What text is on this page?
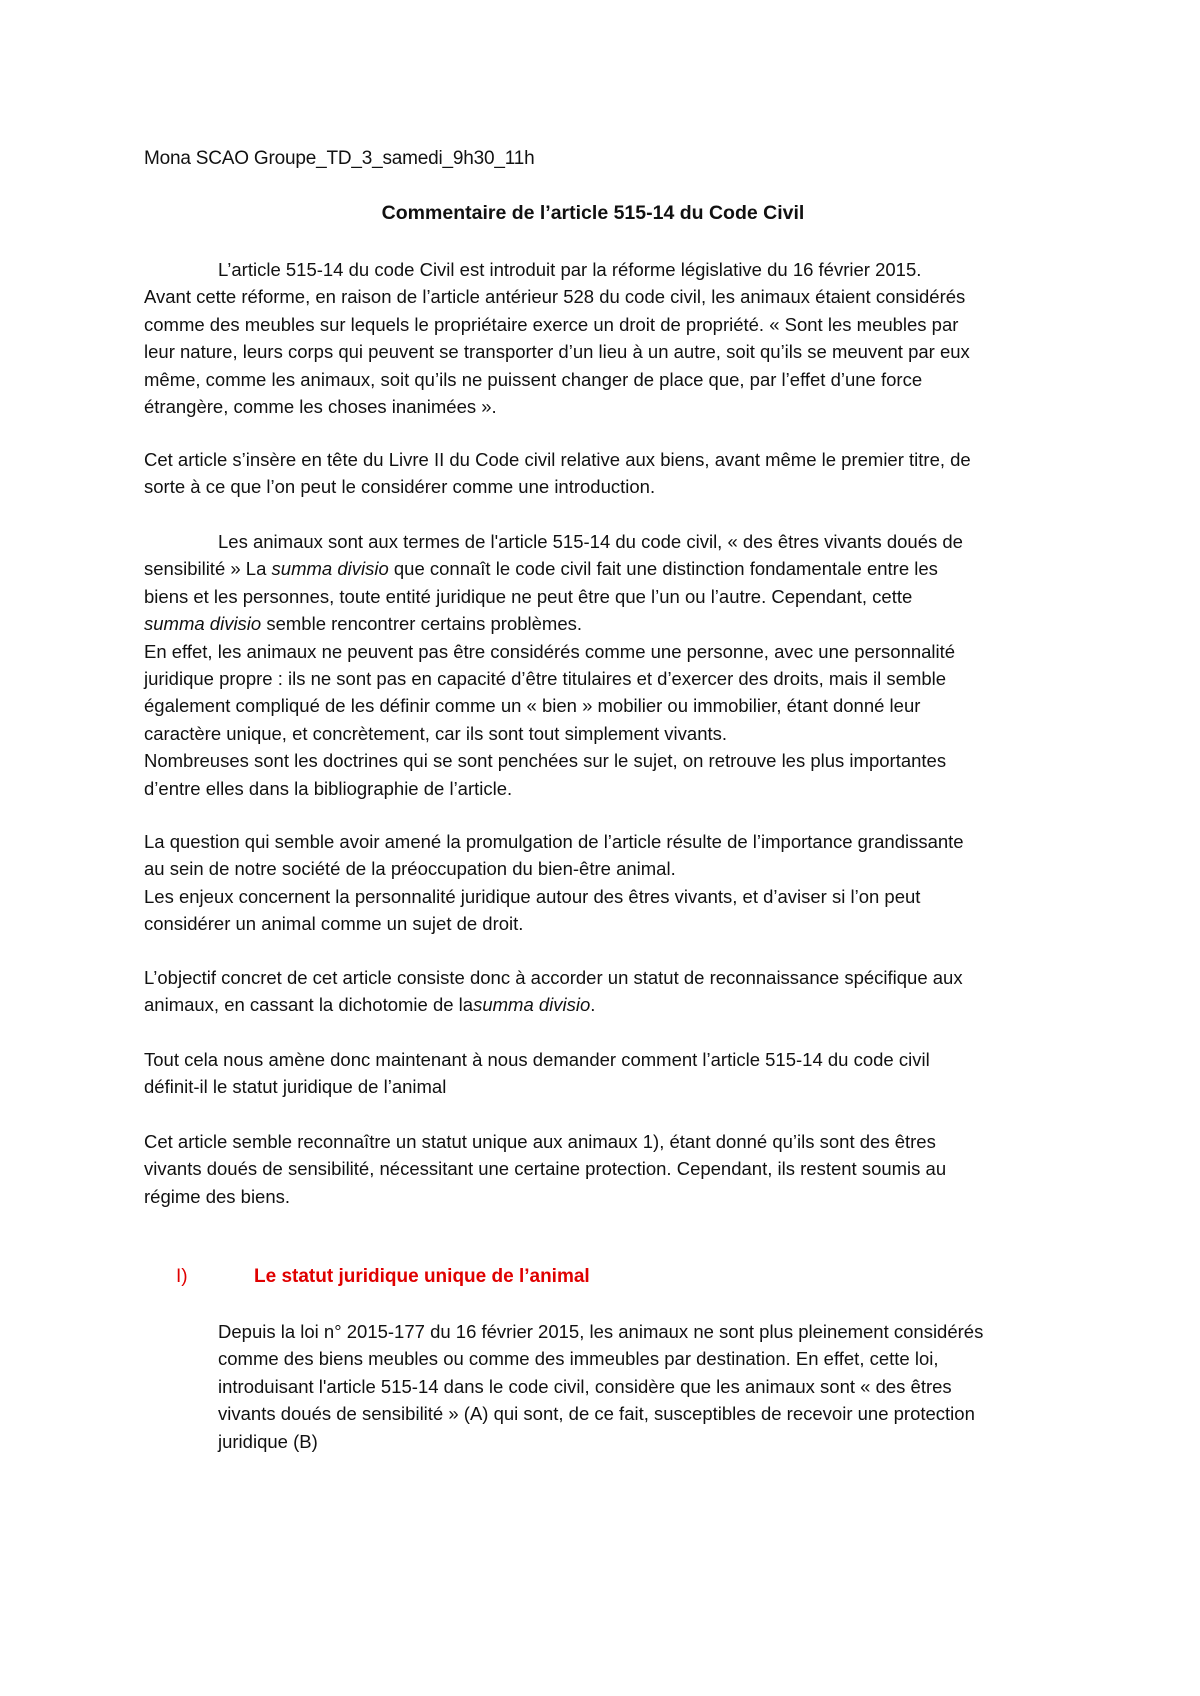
Mona SCAO Groupe_TD_3_samedi_9h30_11h
Commentaire de l’article 515-14 du Code Civil

L’article 515-14 du code Civil est introduit par la réforme législative du 16 février 2015.
Avant cette réforme, en raison de l’article antérieur 528 du code civil, les animaux étaient considérés
comme des meubles sur lequels le propriétaire exerce un droit de propriété. « Sont les meubles par
leur nature, leurs corps qui peuvent se transporter d’un lieu à un autre, soit qu’ils se meuvent par eux
même, comme les animaux, soit qu’ils ne puissent changer de place que, par l’effet d’une force
étrangère, comme les choses inanimées ».

Cet article s’insère en tête du Livre II du Code civil relative aux biens, avant même le premier titre, de
sorte à ce que l’on peut le considérer comme une introduction.

Les animaux sont aux termes de l'article 515-14 du code civil, « des êtres vivants doués de
sensibilité » La summa divisio que connaît le code civil fait une distinction fondamentale entre les
biens et les personnes, toute entité juridique ne peut être que l’un ou l’autre. Cependant, cette
summa divisio semble rencontrer certains problèmes.
En effet, les animaux ne peuvent pas être considérés comme une personne, avec une personnalité
juridique propre : ils ne sont pas en capacité d’être titulaires et d’exercer des droits, mais il semble
également compliqué de les définir comme un « bien » mobilier ou immobilier, étant donné leur
caractère unique, et concrètement, car ils sont tout simplement vivants.
Nombreuses sont les doctrines qui se sont penchées sur le sujet, on retrouve les plus importantes
d’entre elles dans la bibliographie de l’article.

La question qui semble avoir amené la promulgation de l’article résulte de l’importance grandissante
au sein de notre société de la préoccupation du bien-être animal.
Les enjeux concernent la personnalité juridique autour des êtres vivants, et d’aviser si l’on peut
considérer un animal comme un sujet de droit.

L’objectif concret de cet article consiste donc à accorder un statut de reconnaissance spécifique aux
animaux, en cassant la dichotomie de lasumma divisio.

Tout cela nous amène donc maintenant à nous demander comment l’article 515-14 du code civil
définit-il le statut juridique de l’animal

Cet article semble reconnaître un statut unique aux animaux 1), étant donné qu’ils sont des êtres
vivants doués de sensibilité, nécessitant une certaine protection. Cependant, ils restent soumis au
régime des biens.

I)	Le statut juridique unique de l’animal

Depuis la loi n° 2015-177 du 16 février 2015, les animaux ne sont plus pleinement considérés
comme des biens meubles ou comme des immeubles par destination. En effet, cette loi,
introduisant l'article 515-14 dans le code civil, considère que les animaux sont « des êtres
vivants doués de sensibilité » (A) qui sont, de ce fait, susceptibles de recevoir une protection
juridique (B)
